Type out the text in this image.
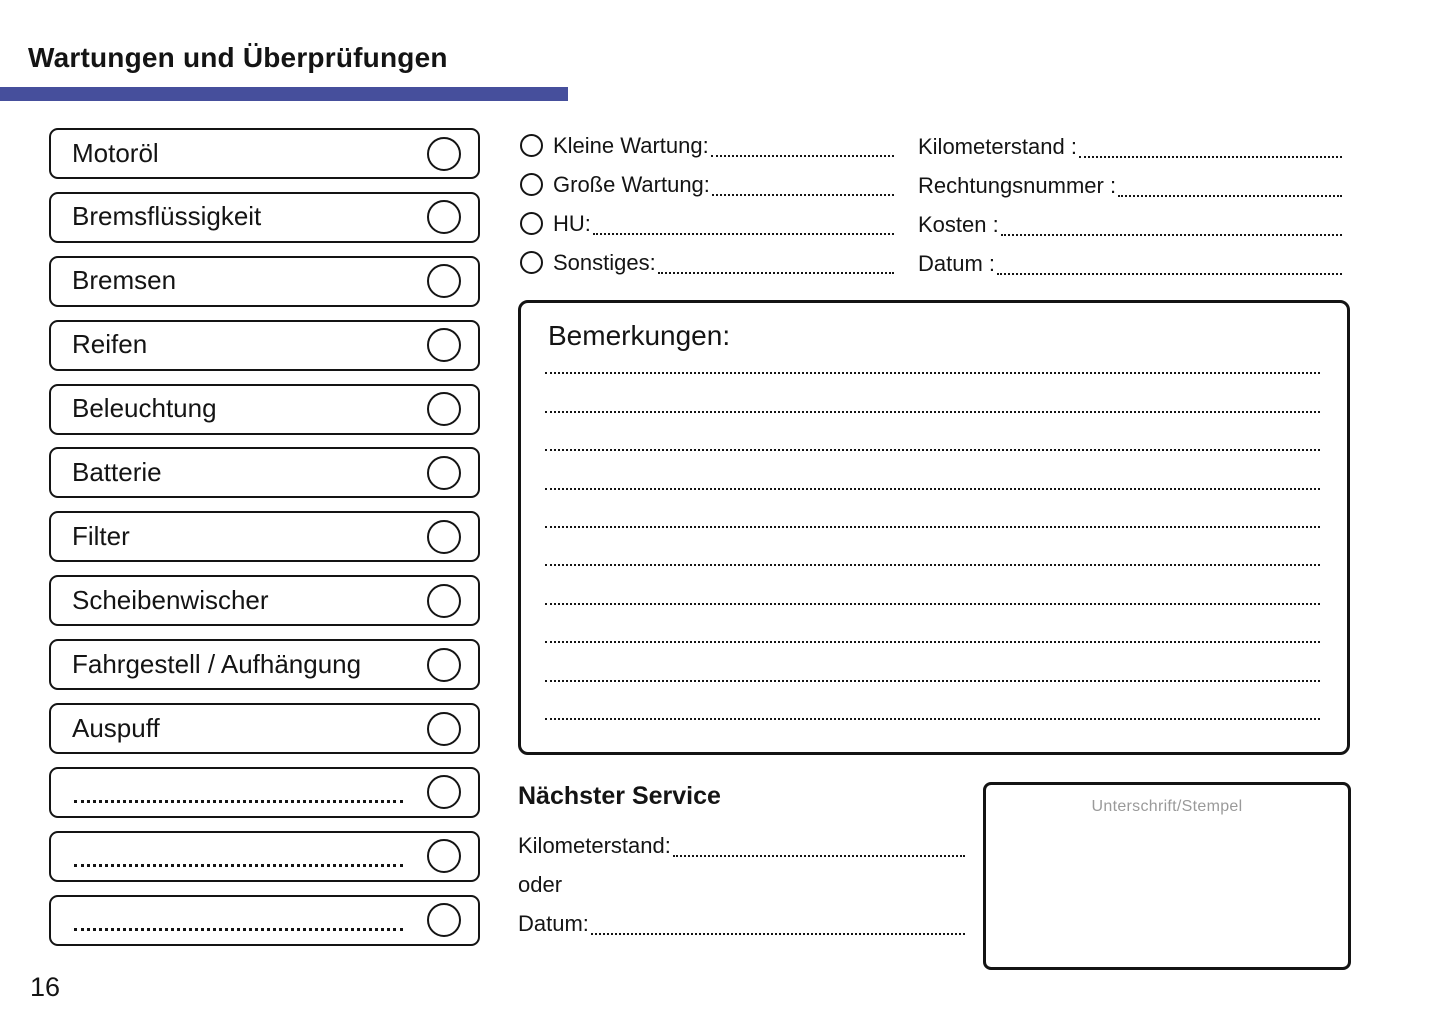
Wartungen und Überprüfungen
Motoröl
Bremsflüssigkeit
Bremsen
Reifen
Beleuchtung
Batterie
Filter
Scheibenwischer
Fahrgestell / Aufhängung
Auspuff
Kleine Wartung:
Große Wartung:
HU:
Sonstiges:
Kilometerstand :
Rechtungsnummer :
Kosten :
Datum :
Bemerkungen:
Nächster Service
Kilometerstand:
oder
Datum:
Unterschrift/Stempel
16
